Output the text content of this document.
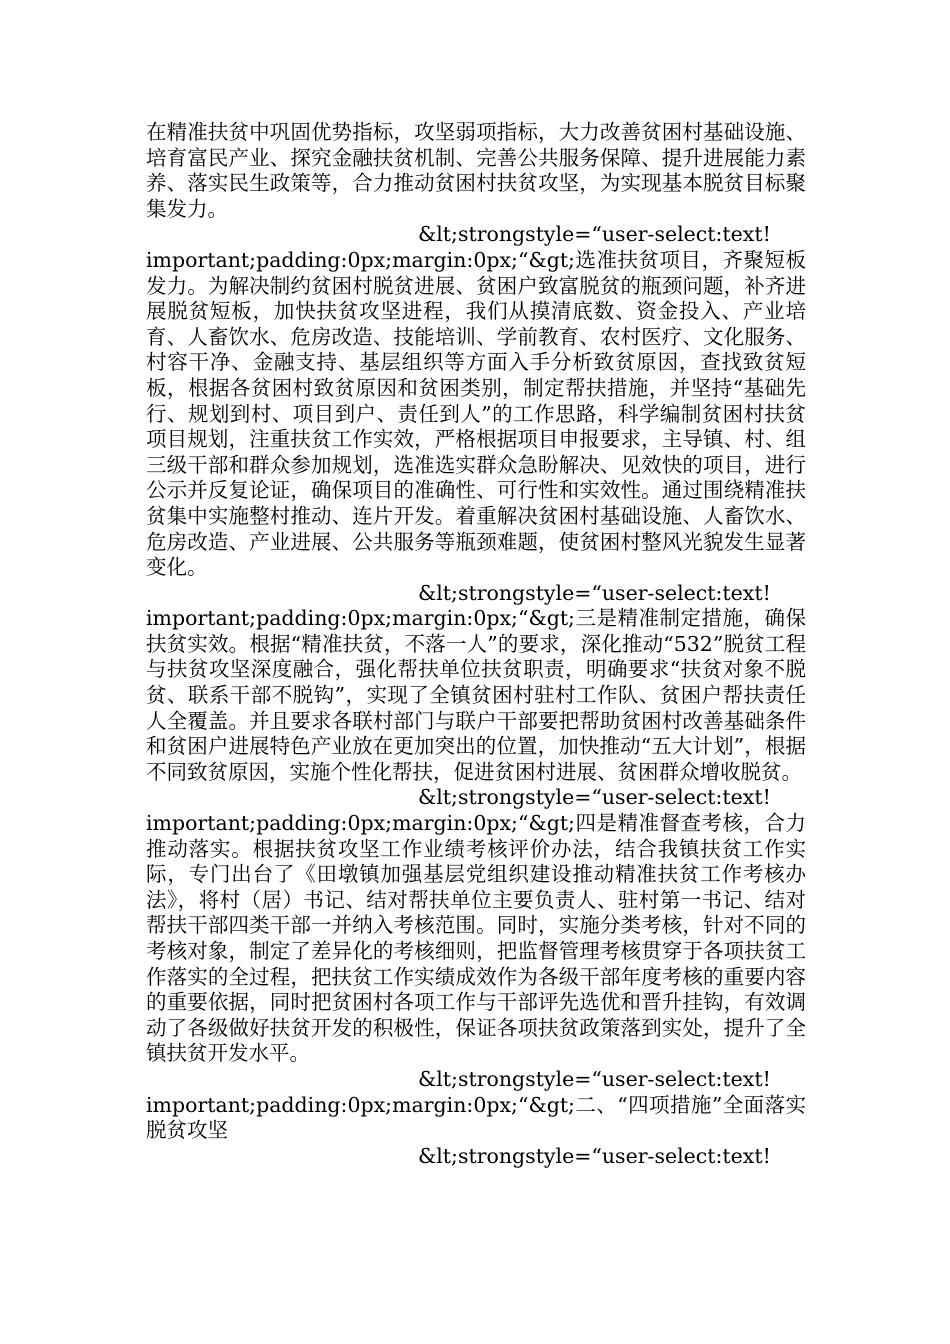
在精准扶贫中巩固优势指标，攻坚弱项指标，大力改善贫困村基础设施、培育富民产业、探究金融扶贫机制、完善公共服务保障、提升进展能力素养、落实民生政策等，合力推动贫困村扶贫攻坚，为实现基本脱贫目标聚集发力。

&lt;strongstyle=“user-select:text!
important;padding:0px;margin:0px;“&gt;选准扶贫项目，齐聚短板发力。为解决制约贫困村脱贫进展、贫困户致富脱贫的瓶颈问题，补齐进展脱贫短板，加快扶贫攻坚进程，我们从摸清底数、资金投入、产业培育、人畜饮水、危房改造、技能培训、学前教育、农村医疗、文化服务、村容干净、金融支持、基层组织等方面入手分析致贫原因，查找致贫短板，根据各贫困村致贫原因和贫困类别，制定帮扶措施，并坚持“基础先行、规划到村、项目到户、责任到人”的工作思路，科学编制贫困村扶贫项目规划，注重扶贫工作实效，严格根据项目申报要求，主导镇、村、组三级干部和群众参加规划，选准选实群众急盼解决、见效快的项目，进行公示并反复论证，确保项目的准确性、可行性和实效性。通过围绕精准扶贫集中实施整村推动、连片开发。着重解决贫困村基础设施、人畜饮水、危房改造、产业进展、公共服务等瓶颈难题，使贫困村整风光貌发生显著变化。

&lt;strongstyle=“user-select:text!
important;padding:0px;margin:0px;“&gt;三是精准制定措施，确保扶贫实效。根据“精准扶贫，不落一人”的要求，深化推动“532”脱贫工程与扶贫攻坚深度融合，强化帮扶单位扶贫职责，明确要求“扶贫对象不脱贫、联系干部不脱钩”，实现了全镇贫困村驻村工作队、贫困户帮扶责任人全覆盖。并且要求各联村部门与联户干部要把帮助贫困村改善基础条件和贫困户进展特色产业放在更加突出的位置，加快推动“五大计划”，根据不同致贫原因，实施个性化帮扶，促进贫困村进展、贫困群众增收脱贫。

&lt;strongstyle=“user-select:text!
important;padding:0px;margin:0px;“&gt;四是精准督查考核，合力推动落实。根据扶贫攻坚工作业绩考核评价办法，结合我镇扶贫工作实际，专门出台了《田墩镇加强基层党组织建设推动精准扶贫工作考核办法》，将村（居）书记、结对帮扶单位主要负责人、驻村第一书记、结对帮扶干部四类干部一并纳入考核范围。同时，实施分类考核，针对不同的考核对象，制定了差异化的考核细则，把监督管理考核贯穿于各项扶贫工作落实的全过程，把扶贫工作实绩成效作为各级干部年度考核的重要内容的重要依据，同时把贫困村各项工作与干部评先选优和晋升挂钩，有效调动了各级做好扶贫开发的积极性，保证各项扶贫政策落到实处，提升了全镇扶贫开发水平。

&lt;strongstyle=“user-select:text!
important;padding:0px;margin:0px;“&gt;二、“四项措施”全面落实脱贫攻坚

&lt;strongstyle=“user-select:text!
